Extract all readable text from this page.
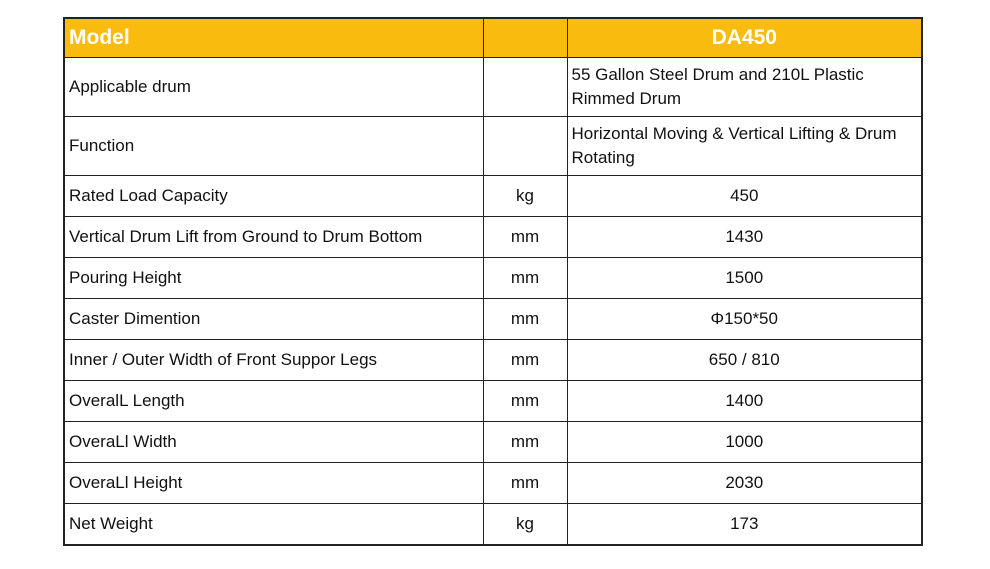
Model		DA450
Applicable drum		55 Gallon Steel Drum and 210L Plastic Rimmed Drum
Function		Horizontal Moving & Vertical Lifting & Drum Rotating
Rated Load Capacity	kg	450
Vertical Drum Lift from Ground to Drum Bottom	mm	1430
Pouring Height	mm	1500
Caster Dimention	mm	Φ150*50
Inner / Outer Width of Front Suppor Legs	mm	650 / 810
OveralL Length	mm	1400
OveraLl Width	mm	1000
OveraLl Height	mm	2030
Net Weight	kg	173
